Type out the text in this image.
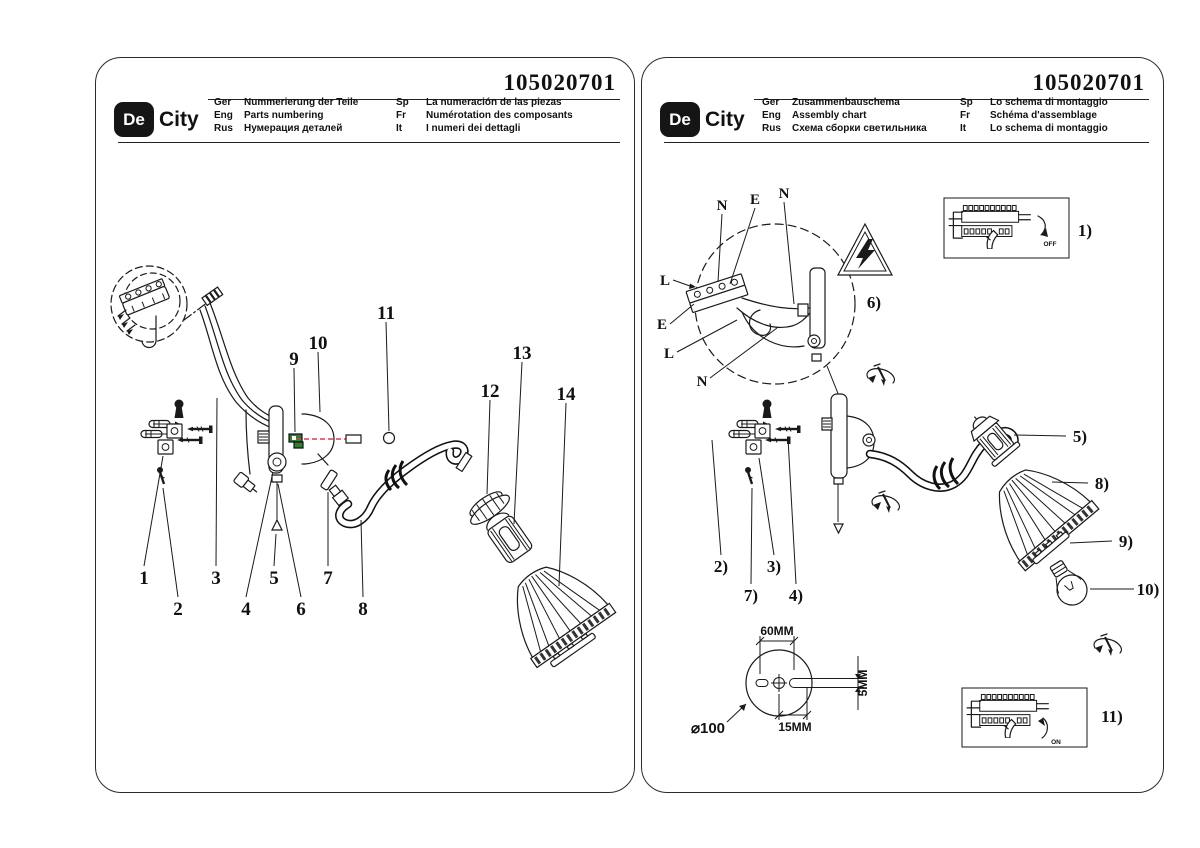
De City
105020701
Ger	Nummerierung der Teile
Eng	Parts numbering
Rus	Нумерация деталей
Sp	La numeración de las piezas
Fr	Numérotation des composants
It	I numeri dei dettagli
1
2
3
4
5
6
7
8
9
10
11
12
13
14
De City
105020701
Ger	Zusammenbauschema
Eng	Assembly chart
Rus	Схема сборки светильника
Sp	Lo schema di montaggio
Fr	Schéma d'assemblage
It	Lo schema di montaggio
N E N
L
E
L
N
6)
OFF
1)
2) 3)
7) 4)
5)
8)
9)
10)
60MM
15MM
5MM
⌀100
ON
11)
